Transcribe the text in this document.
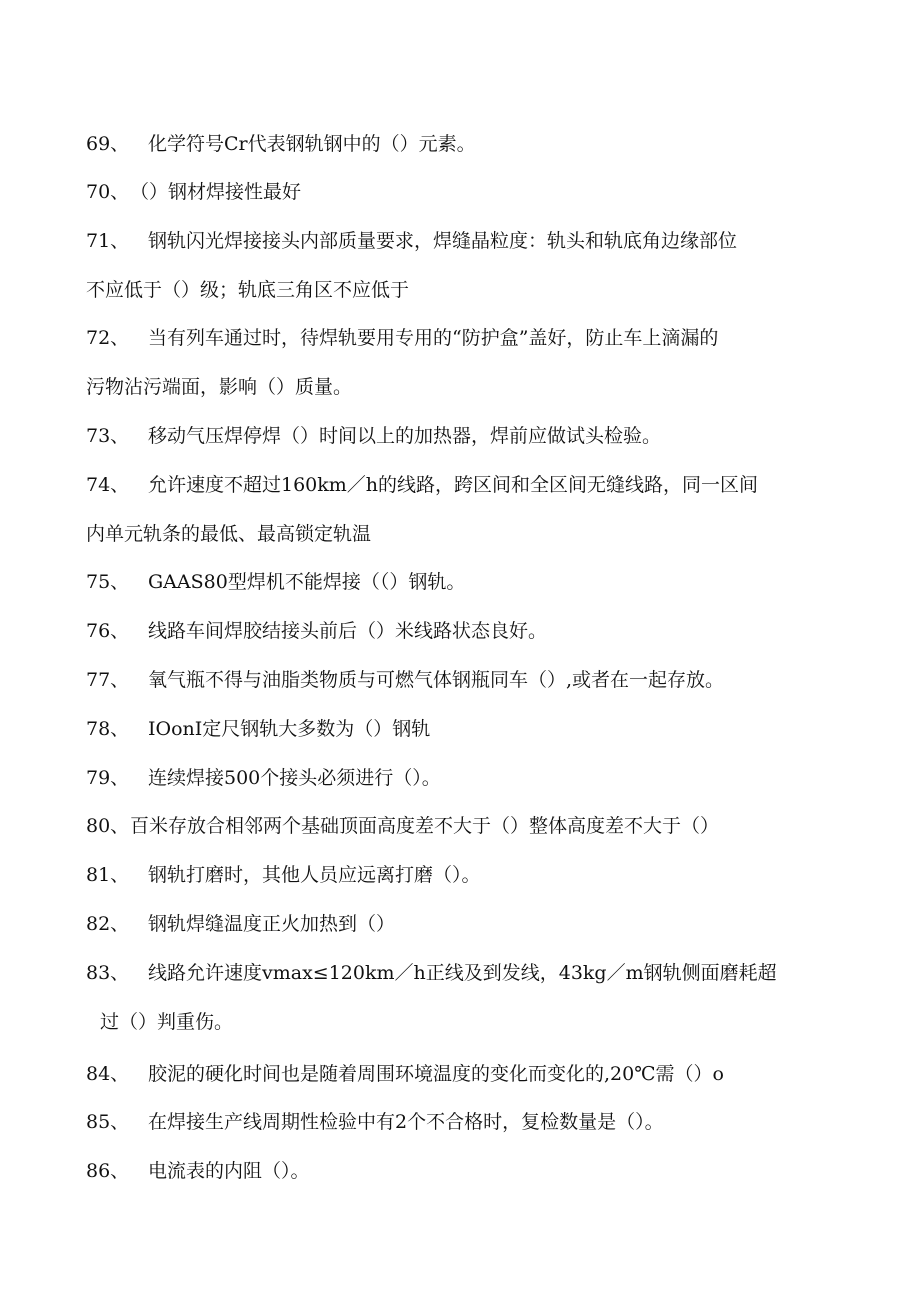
69、 化学符号Cr代表钢轨钢中的（）元素。
70、（）钢材焊接性最好
71、 钢轨闪光焊接接头内部质量要求，焊缝晶粒度：轨头和轨底角边缘部位
不应低于（）级；轨底三角区不应低于
72、 当有列车通过时，待焊轨要用专用的“防护盒”盖好，防止车上滴漏的
污物沾污端面，影响（）质量。
73、 移动气压焊停焊（）时间以上的加热器，焊前应做试头检验。
74、 允许速度不超过160km／h的线路，跨区间和全区间无缝线路，同一区间
内单元轨条的最低、最高锁定轨温
75、 GAAS80型焊机不能焊接（（）钢轨。
76、 线路车间焊胶结接头前后（）米线路状态良好。
77、 氧气瓶不得与油脂类物质与可燃气体钢瓶同车（）,或者在一起存放。
78、 IOonI定尺钢轨大多数为（）钢轨
79、 连续焊接500个接头必须进行（）。
80、百米存放合相邻两个基础顶面高度差不大于（）整体高度差不大于（）
81、 钢轨打磨时，其他人员应远离打磨（）。
82、 钢轨焊缝温度正火加热到（）
83、 线路允许速度vmax≤120km／h正线及到发线，43kg／m钢轨侧面磨耗超
过（）判重伤。
84、 胶泥的硬化时间也是随着周围环境温度的变化而变化的,20℃需（）o
85、 在焊接生产线周期性检验中有2个不合格时，复检数量是（）。
86、 电流表的内阻（）。
